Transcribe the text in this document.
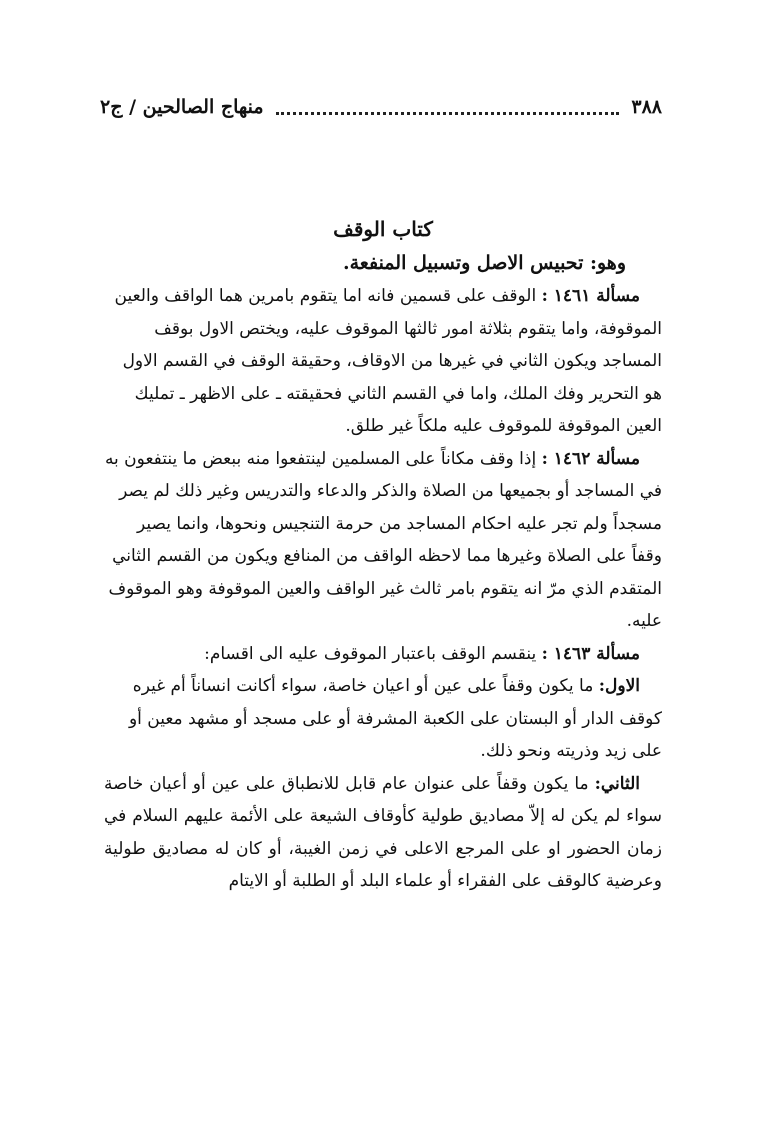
منهاج الصالحين / ج٢	٣٨٨
كتاب الوقف
وهو: تحبيس الاصل وتسبيل المنفعة.

مسألة ١٤٦١ : الوقف على قسمين فانه اما يتقوم بامرين هما الواقف والعين الموقوفة، واما يتقوم بثلاثة امور ثالثها الموقوف عليه، ويختص الاول بوقف المساجد ويكون الثاني في غيرها من الاوقاف، وحقيقة الوقف في القسم الاول هو التحرير وفك الملك، واما في القسم الثاني فحقيقته ـ على الاظهر ـ تمليك العين الموقوفة للموقوف عليه ملكاً غير طلق.

مسألة ١٤٦٢ : إذا وقف مكاناً على المسلمين لينتفعوا منه ببعض ما ينتفعون به في المساجد أو بجميعها من الصلاة والذكر والدعاء والتدريس وغير ذلك لم يصر مسجداً ولم تجر عليه احكام المساجد من حرمة التنجيس ونحوها، وانما يصير وقفاً على الصلاة وغيرها مما لاحظه الواقف من المنافع ويكون من القسم الثاني المتقدم الذي مرّ انه يتقوم بامر ثالث غير الواقف والعين الموقوفة وهو الموقوف عليه.

مسألة ١٤٦٣ : ينقسم الوقف باعتبار الموقوف عليه الى اقسام:

الاول: ما يكون وقفاً على عين أو اعيان خاصة، سواء أكانت انساناً أم غيره كوقف الدار أو البستان على الكعبة المشرفة أو على مسجد أو مشهد معين أو على زيد وذريته ونحو ذلك.

الثاني: ما يكون وقفاً على عنوان عام قابل للانطباق على عين أو أعيان خاصة سواء لم يكن له إلاّ مصاديق طولية كأوقاف الشيعة على الأئمة عليهم السلام في زمان الحضور او على المرجع الاعلى في زمن الغيبة، أو كان له مصاديق طولية وعرضية كالوقف على الفقراء أو علماء البلد أو الطلبة أو الايتام
